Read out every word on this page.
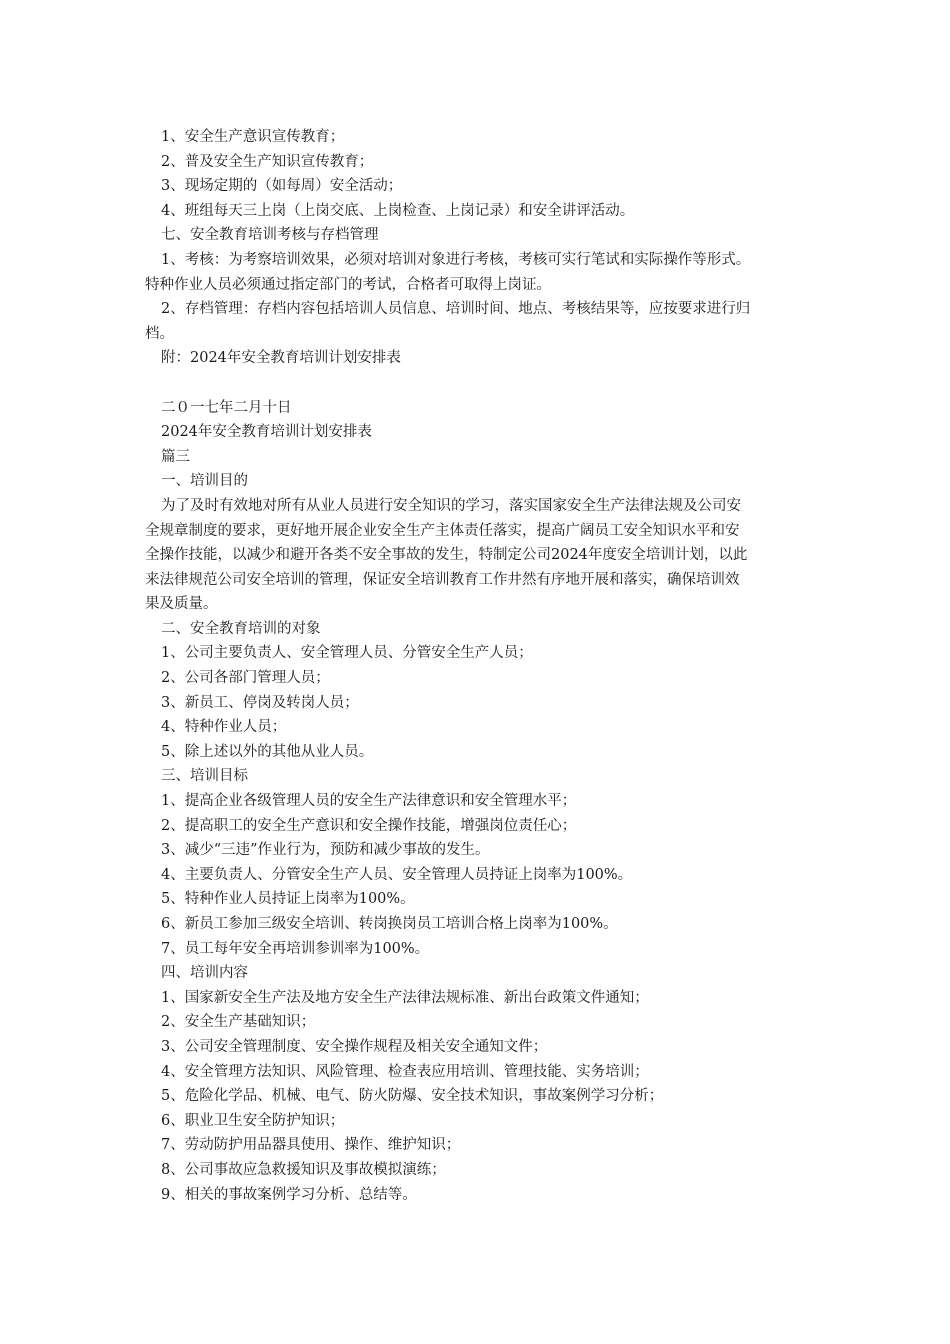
1、安全生产意识宣传教育；
2、普及安全生产知识宣传教育；
3、现场定期的（如每周）安全活动；
4、班组每天三上岗（上岗交底、上岗检查、上岗记录）和安全讲评活动。
七、安全教育培训考核与存档管理
1、考核：为考察培训效果，必须对培训对象进行考核，考核可实行笔试和实际操作等形式。
特种作业人员必须通过指定部门的考试，合格者可取得上岗证。
2、存档管理：存档内容包括培训人员信息、培训时间、地点、考核结果等，应按要求进行归
档。
附：2024年安全教育培训计划安排表
二０一七年二月十日
2024年安全教育培训计划安排表
篇三
一、培训目的
为了及时有效地对所有从业人员进行安全知识的学习，落实国家安全生产法律法规及公司安
全规章制度的要求，更好地开展企业安全生产主体责任落实，提高广阔员工安全知识水平和安
全操作技能，以减少和避开各类不安全事故的发生，特制定公司2024年度安全培训计划，以此
来法律规范公司安全培训的管理，保证安全培训教育工作井然有序地开展和落实，确保培训效
果及质量。
二、安全教育培训的对象
1、公司主要负责人、安全管理人员、分管安全生产人员；
2、公司各部门管理人员；
3、新员工、停岗及转岗人员；
4、特种作业人员；
5、除上述以外的其他从业人员。
三、培训目标
1、提高企业各级管理人员的安全生产法律意识和安全管理水平；
2、提高职工的安全生产意识和安全操作技能，增强岗位责任心；
3、减少“三违”作业行为，预防和减少事故的发生。
4、主要负责人、分管安全生产人员、安全管理人员持证上岗率为100%。
5、特种作业人员持证上岗率为100%。
6、新员工参加三级安全培训、转岗换岗员工培训合格上岗率为100%。
7、员工每年安全再培训参训率为100%。
四、培训内容
1、国家新安全生产法及地方安全生产法律法规标准、新出台政策文件通知；
2、安全生产基础知识；
3、公司安全管理制度、安全操作规程及相关安全通知文件；
4、安全管理方法知识、风险管理、检查表应用培训、管理技能、实务培训；
5、危险化学品、机械、电气、防火防爆、安全技术知识，事故案例学习分析；
6、职业卫生安全防护知识；
7、劳动防护用品器具使用、操作、维护知识；
8、公司事故应急救援知识及事故模拟演练；
9、相关的事故案例学习分析、总结等。
